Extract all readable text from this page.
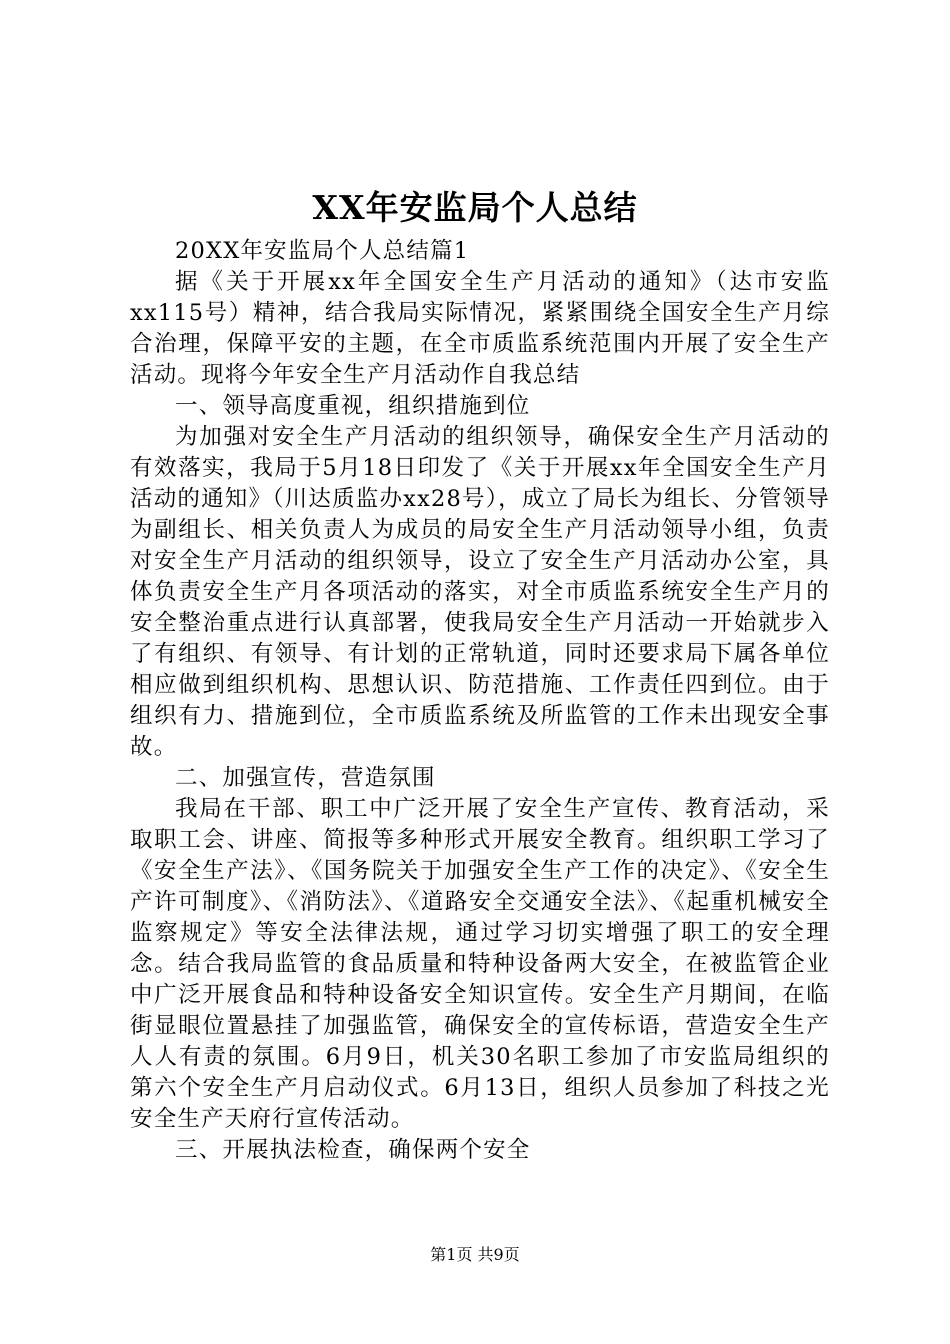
XX年安监局个人总结

20XX年安监局个人总结篇1

据《关于开展xx年全国安全生产月活动的通知》（达市安监xx115号）精神，结合我局实际情况，紧紧围绕全国安全生产月综合治理，保障平安的主题，在全市质监系统范围内开展了安全生产活动。现将今年安全生产月活动作自我总结

一、领导高度重视，组织措施到位

为加强对安全生产月活动的组织领导，确保安全生产月活动的有效落实，我局于5月18日印发了《关于开展xx年全国安全生产月活动的通知》（川达质监办xx28号），成立了局长为组长、分管领导为副组长、相关负责人为成员的局安全生产月活动领导小组，负责对安全生产月活动的组织领导，设立了安全生产月活动办公室，具体负责安全生产月各项活动的落实，对全市质监系统安全生产月的安全整治重点进行认真部署，使我局安全生产月活动一开始就步入了有组织、有领导、有计划的正常轨道，同时还要求局下属各单位相应做到组织机构、思想认识、防范措施、工作责任四到位。由于组织有力、措施到位，全市质监系统及所监管的工作未出现安全事故。

二、加强宣传，营造氛围

我局在干部、职工中广泛开展了安全生产宣传、教育活动，采取职工会、讲座、简报等多种形式开展安全教育。组织职工学习了《安全生产法》、《国务院关于加强安全生产工作的决定》、《安全生产许可制度》、《消防法》、《道路安全交通安全法》、《起重机械安全监察规定》等安全法律法规，通过学习切实增强了职工的安全理念。结合我局监管的食品质量和特种设备两大安全，在被监管企业中广泛开展食品和特种设备安全知识宣传。安全生产月期间，在临街显眼位置悬挂了加强监管，确保安全的宣传标语，营造安全生产人人有责的氛围。6月9日，机关30名职工参加了市安监局组织的第六个安全生产月启动仪式。6月13日，组织人员参加了科技之光安全生产天府行宣传活动。

三、开展执法检查，确保两个安全

第1页 共9页
